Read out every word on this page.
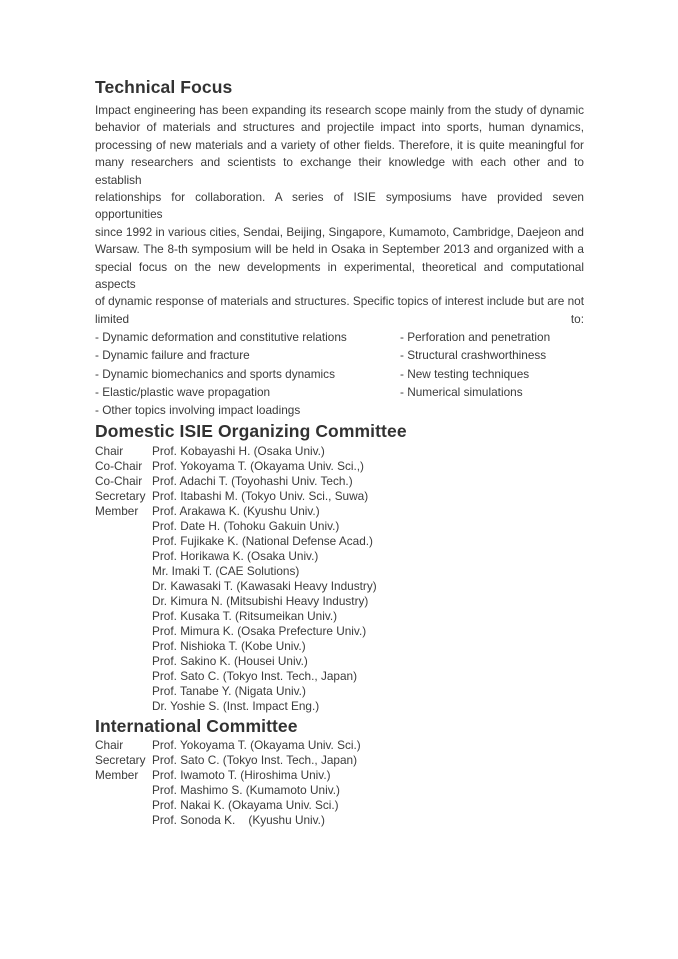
Technical Focus
Impact engineering has been expanding its research scope mainly from the study of dynamic
behavior of materials and structures and projectile impact into sports, human dynamics,
processing of new materials and a variety of other fields. Therefore, it is quite meaningful for
many researchers and scientists to exchange their knowledge with each other and to establish
relationships for collaboration. A series of ISIE symposiums have provided seven opportunities
since 1992 in various cities, Sendai, Beijing, Singapore, Kumamoto, Cambridge, Daejeon and
Warsaw. The 8-th symposium will be held in Osaka in September 2013 and organized with a
special focus on the new developments in experimental, theoretical and computational aspects
of dynamic response of materials and structures. Specific topics of interest include but are not
limited to:
- Dynamic deformation and constitutive relations
- Dynamic failure and fracture
- Dynamic biomechanics and sports dynamics
- Elastic/plastic wave propagation
- Other topics involving impact loadings
- Perforation and penetration
- Structural crashworthiness
- New testing techniques
- Numerical simulations
Domestic ISIE Organizing Committee
Chair	Prof. Kobayashi H. (Osaka Univ.)
Co-Chair Prof. Yokoyama T. (Okayama Univ. Sci.,)
Co-Chair Prof. Adachi T. (Toyohashi Univ. Tech.)
Secretary Prof. Itabashi M. (Tokyo Univ. Sci., Suwa)
Member	Prof. Arakawa K. (Kyushu Univ.)
Prof. Date H. (Tohoku Gakuin Univ.)
Prof. Fujikake K. (National Defense Acad.)
Prof. Horikawa K. (Osaka Univ.)
Mr. Imaki T. (CAE Solutions)
Dr. Kawasaki T. (Kawasaki Heavy Industry)
Dr. Kimura N. (Mitsubishi Heavy Industry)
Prof. Kusaka T. (Ritsumeikan Univ.)
Prof. Mimura K. (Osaka Prefecture Univ.)
Prof. Nishioka T. (Kobe Univ.)
Prof. Sakino K. (Housei Univ.)
Prof. Sato C. (Tokyo Inst. Tech., Japan)
Prof. Tanabe Y. (Nigata Univ.)
Dr. Yoshie S. (Inst. Impact Eng.)
International Committee
Chair	Prof. Yokoyama T. (Okayama Univ. Sci.)
Secretary Prof. Sato C. (Tokyo Inst. Tech., Japan)
Member	Prof. Iwamoto T. (Hiroshima Univ.)
Prof. Mashimo S. (Kumamoto Univ.)
Prof. Nakai K. (Okayama Univ. Sci.)
Prof. Sonoda K.    (Kyushu Univ.)
